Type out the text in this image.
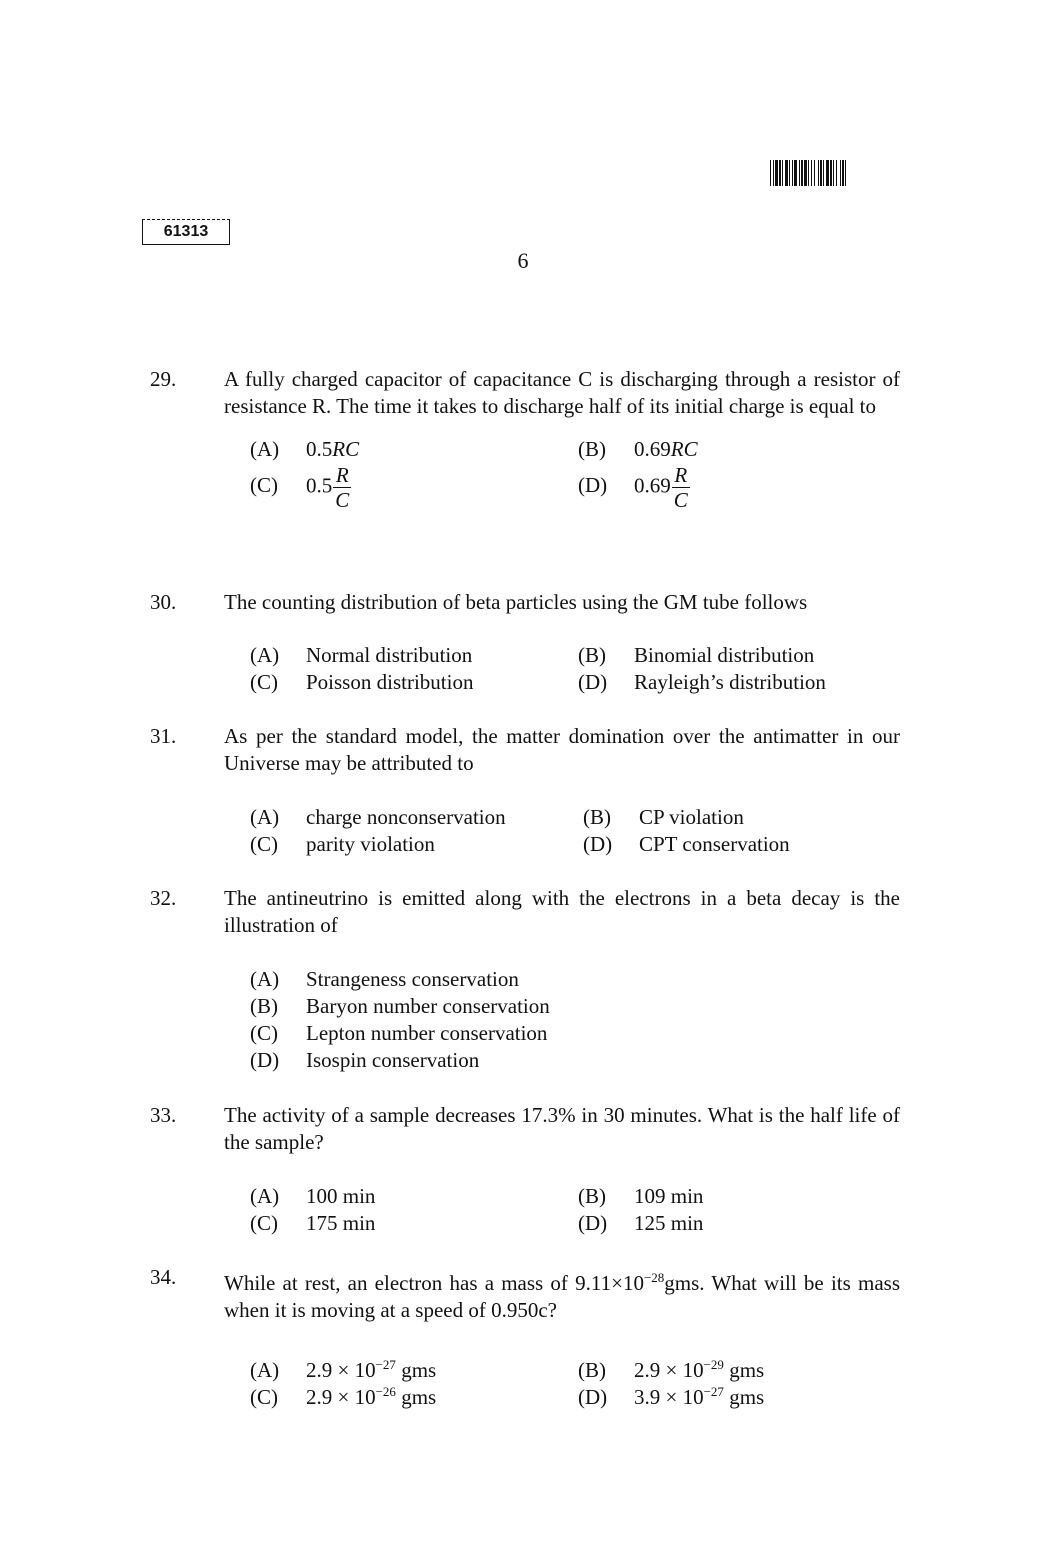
61313
6
29. A fully charged capacitor of capacitance C is discharging through a resistor of resistance R. The time it takes to discharge half of its initial charge is equal to
(A) 0.5RC	(B) 0.69RC
(C) $0.5 \frac{R}{C}$	(D) $0.69 \frac{R}{C}$
30. The counting distribution of beta particles using the GM tube follows
(A) Normal distribution	(B) Binomial distribution
(C) Poisson distribution	(D) Rayleigh’s distribution
31. As per the standard model, the matter domination over the antimatter in our Universe may be attributed to
(A) charge nonconservation	(B) CP violation
(C) parity violation	(D) CPT conservation
32. The antineutrino is emitted along with the electrons in a beta decay is the illustration of
(A) Strangeness conservation
(B) Baryon number conservation
(C) Lepton number conservation
(D) Isospin conservation
33. The activity of a sample decreases 17.3% in 30 minutes. What is the half life of the sample?
(A) 100 min	(B) 109 min
(C) 175 min	(D) 125 min
34. While at rest, an electron has a mass of $9.11\times 10^{-28}gms$. What will be its mass when it is moving at a speed of 0.950c?
(A) $2.9 \times 10^{-27}$ gms	(B) $2.9 \times 10^{-29}$ gms
(C) $2.9 \times 10^{-26}$ gms	(D) $3.9 \times 10^{-27}$ gms
